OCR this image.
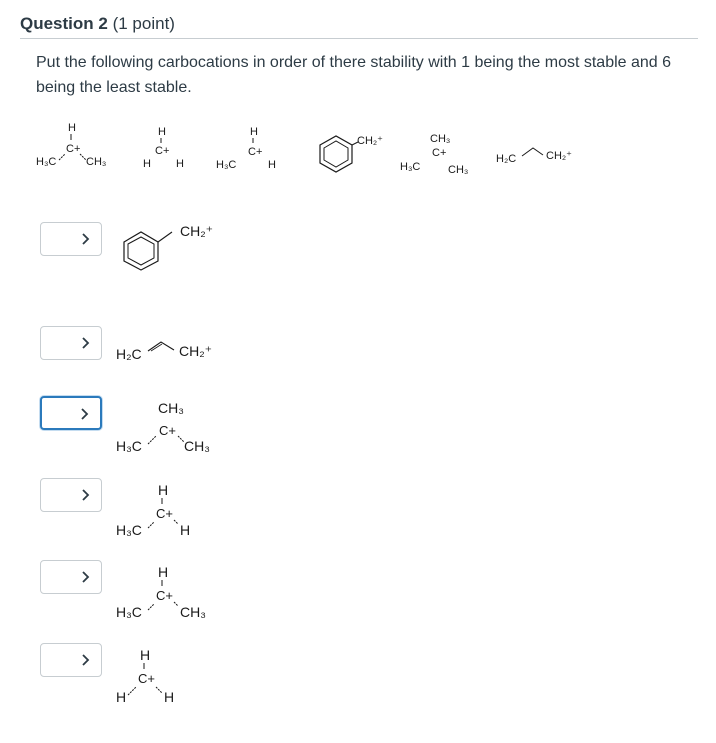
Question 2 (1 point)
Put the following carbocations in order of there stability with 1 being the most stable and 6 being the least stable.
H
C+
H₃C	CH₃
H
C+
H H
H
C+
H₃C	H
CH₂⁺	CH₃
C+
H₃C	CH₃
H₂C	CH₂⁺
CH₂⁺
H₂C	CH₂⁺
CH₃
C+
H₃C	CH₃
H
C+
H₃C	H
H
C+
H₃C	CH₃
H
C+
H	H
